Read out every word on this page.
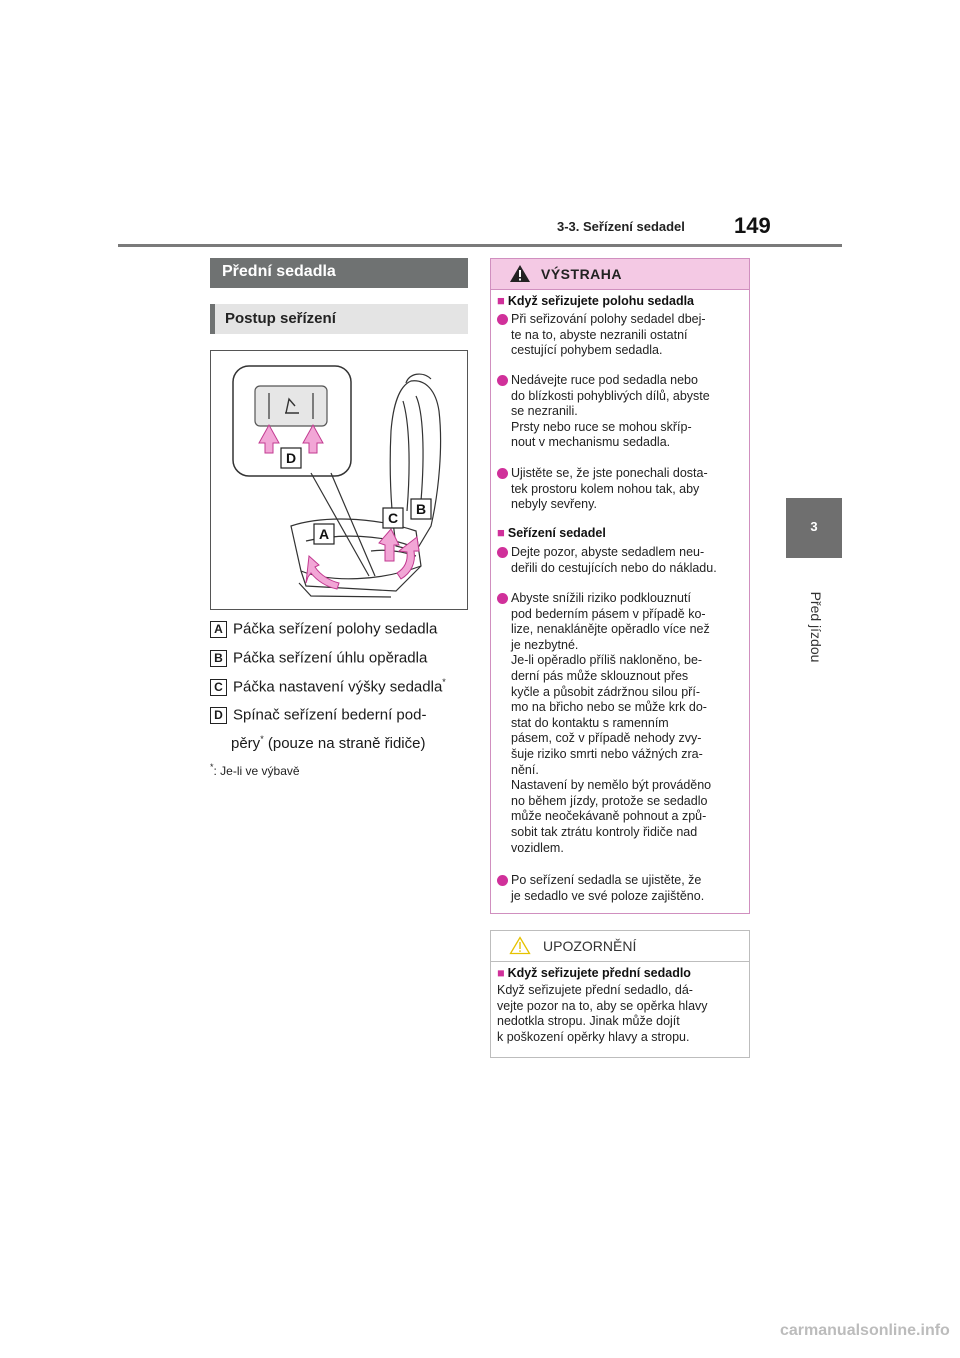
3-3. Seřízení sedadel 149
3
Před jízdou
Přední sedadla
Postup seřízení
D
A
C
B
A Páčka seřízení polohy sedadla
B Páčka seřízení úhlu opěradla
C Páčka nastavení výšky sedadla*
D Spínač seřízení bederní pod-
pěry* (pouze na straně řidiče)
*: Je-li ve výbavě
VÝSTRAHA
■ Když seřizujete polohu sedadla
Při seřizování polohy sedadel dbej-
te na to, abyste nezranili ostatní
cestující pohybem sedadla.
Nedávejte ruce pod sedadla nebo
do blízkosti pohyblivých dílů, abyste
se nezranili.
Prsty nebo ruce se mohou skříp-
nout v mechanismu sedadla.
Ujistěte se, že jste ponechali dosta-
tek prostoru kolem nohou tak, aby
nebyly sevřeny.
■ Seřízení sedadel
Dejte pozor, abyste sedadlem neu-
deřili do cestujících nebo do nákladu.
Abyste snížili riziko podklouznutí
pod bederním pásem v případě ko-
lize, nenaklánějte opěradlo více než
je nezbytné.
Je-li opěradlo příliš nakloněno, be-
derní pás může sklouznout přes
kyčle a působit zádržnou silou pří-
mo na břicho nebo se může krk do-
stat do kontaktu s ramenním
pásem, což v případě nehody zvy-
šuje riziko smrti nebo vážných zra-
nění.
Nastavení by nemělo být prováděno
no během jízdy, protože se sedadlo
může neočekávaně pohnout a způ-
sobit tak ztrátu kontroly řidiče nad
vozidlem.
Po seřízení sedadla se ujistěte, že
je sedadlo ve své poloze zajištěno.
UPOZORNĚNÍ
■ Když seřizujete přední sedadlo
Když seřizujete přední sedadlo, dá-
vejte pozor na to, aby se opěrka hlavy
nedotkla stropu. Jinak může dojít
k poškození opěrky hlavy a stropu.
carmanualsonline.info
